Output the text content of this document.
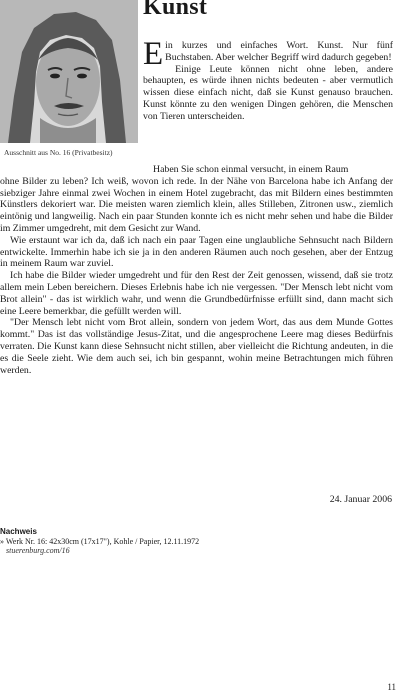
Ausschnitt aus No. 16 (Privatbesitz)
Kunst

Ein kurzes und einfaches Wort. Kunst. Nur fünf Buchstaben. Aber welcher Begriff wird dadurch gegeben!

Einige Leute können nicht ohne leben, andere behaupten, es würde ihnen nichts bedeuten - aber vermutlich wissen diese einfach nicht, daß sie Kunst genauso brauchen. Kunst könnte zu den wenigen Dingen gehören, die Menschen von Tieren unterscheiden.

Haben Sie schon einmal versucht, in einem Raum

ohne Bilder zu leben? Ich weiß, wovon ich rede. In der Nähe von Barcelona habe ich Anfang der siebziger Jahre einmal zwei Wochen in einem Hotel zugebracht, das mit Bildern eines bestimmten Künstlers dekoriert war. Die meisten waren ziemlich klein, alles Stilleben, Zitronen usw., ziemlich eintönig und langweilig. Nach ein paar Stunden konnte ich es nicht mehr sehen und habe die Bilder im Zimmer umgedreht, mit dem Gesicht zur Wand.

Wie erstaunt war ich da, daß ich nach ein paar Tagen eine unglaubliche Sehnsucht nach Bildern entwickelte. Immerhin habe ich sie ja in den anderen Räumen auch noch gesehen, aber der Entzug in meinem Raum war zuviel.

Ich habe die Bilder wieder umgedreht und für den Rest der Zeit genossen, wissend, daß sie trotz allem mein Leben bereichern. Dieses Erlebnis habe ich nie vergessen. "Der Mensch lebt nicht vom Brot allein" - das ist wirklich wahr, und wenn die Grundbedürfnisse erfüllt sind, dann macht sich eine Leere bemerkbar, die gefüllt werden will.

"Der Mensch lebt nicht vom Brot allein, sondern von jedem Wort, das aus dem Munde Gottes kommt." Das ist das vollständige Jesus-Zitat, und die angesprochene Leere mag dieses Bedürfnis verraten. Die Kunst kann diese Sehnsucht nicht stillen, aber vielleicht die Richtung andeuten, in die es die Seele zieht. Wie dem auch sei, ich bin gespannt, wohin meine Betrachtungen mich führen werden.

24. Januar 2006
Nachweis
» Werk Nr. 16: 42x30cm (17x17"), Kohle / Papier, 12.11.1972
stuerenburg.com/16
11
